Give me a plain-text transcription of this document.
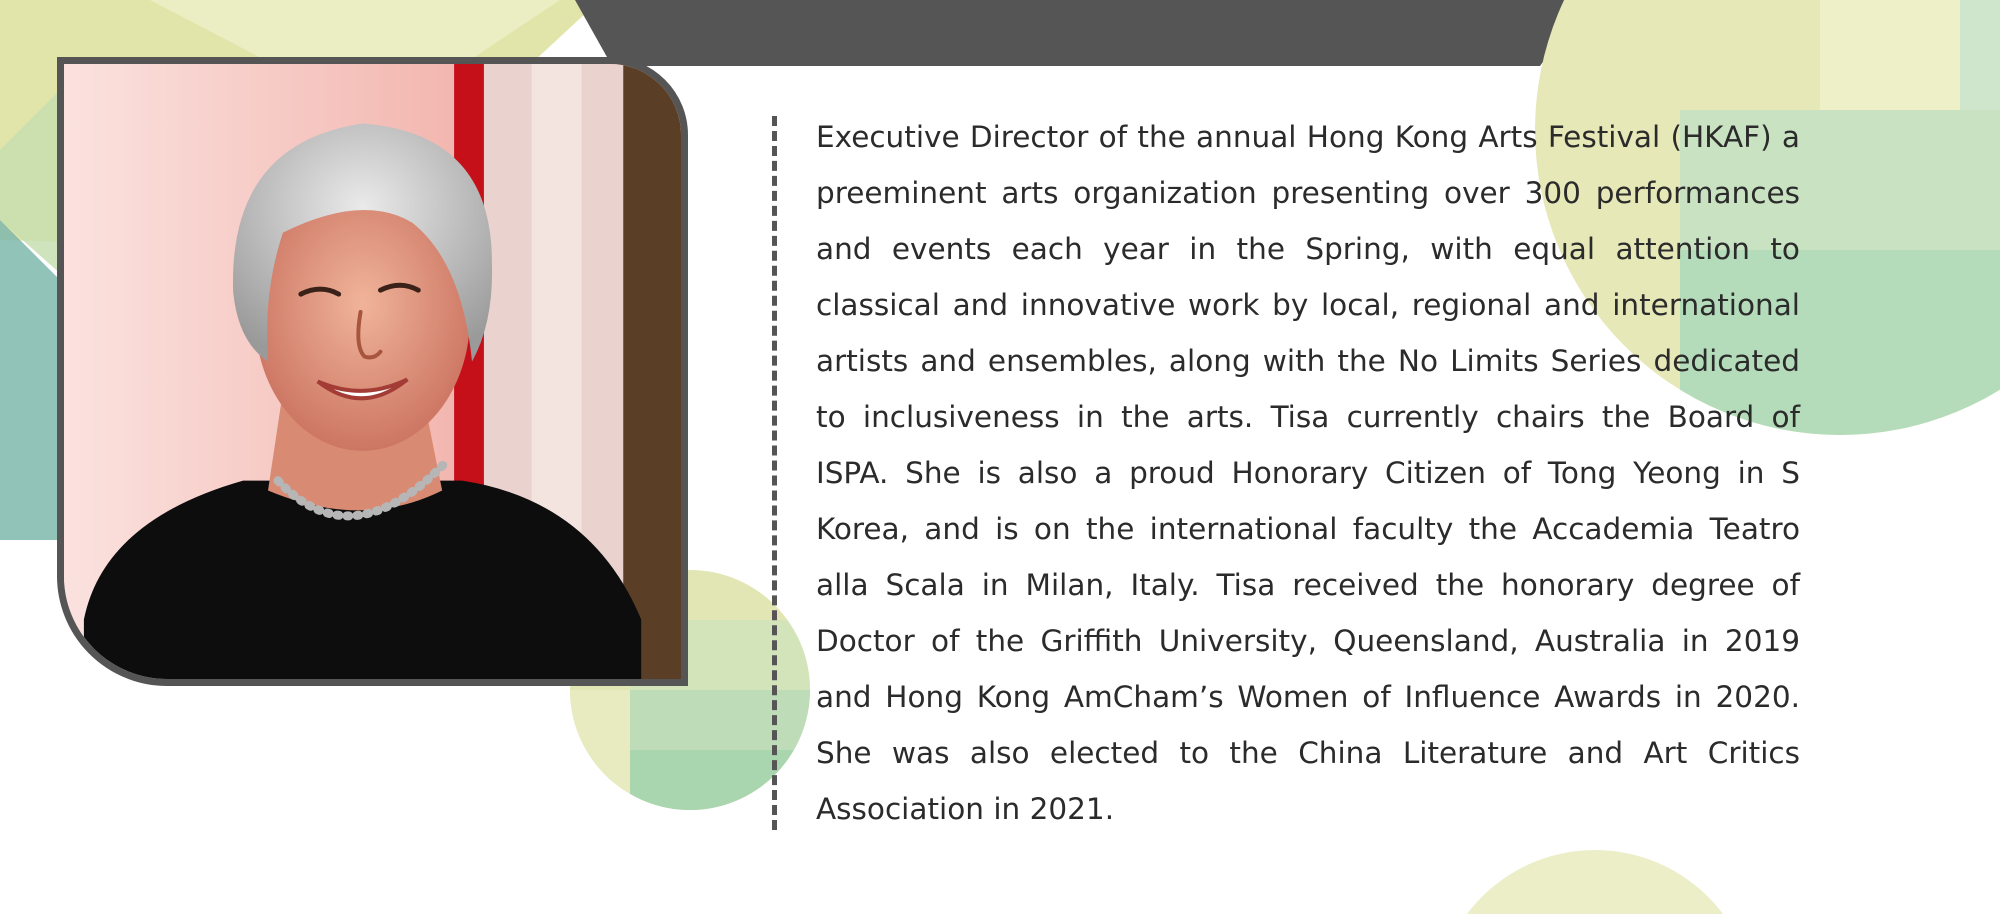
Executive Director of the annual Hong Kong Arts Festival (HKAF) a preeminent arts organization presenting over 300 performances and events each year in the Spring, with equal attention to classical and innovative work by local, regional and international artists and ensembles, along with the No Limits Series dedicated to inclusiveness in the arts. Tisa currently chairs the Board of ISPA. She is also a proud Honorary Citizen of Tong Yeong in S Korea, and is on the international faculty the Accademia Teatro alla Scala in Milan, Italy. Tisa received the honorary degree of Doctor of the Griffith University, Queensland, Australia in 2019 and Hong Kong AmCham’s Women of Influence Awards in 2020. She was also elected to the China Literature and Art Critics Association in 2021.
